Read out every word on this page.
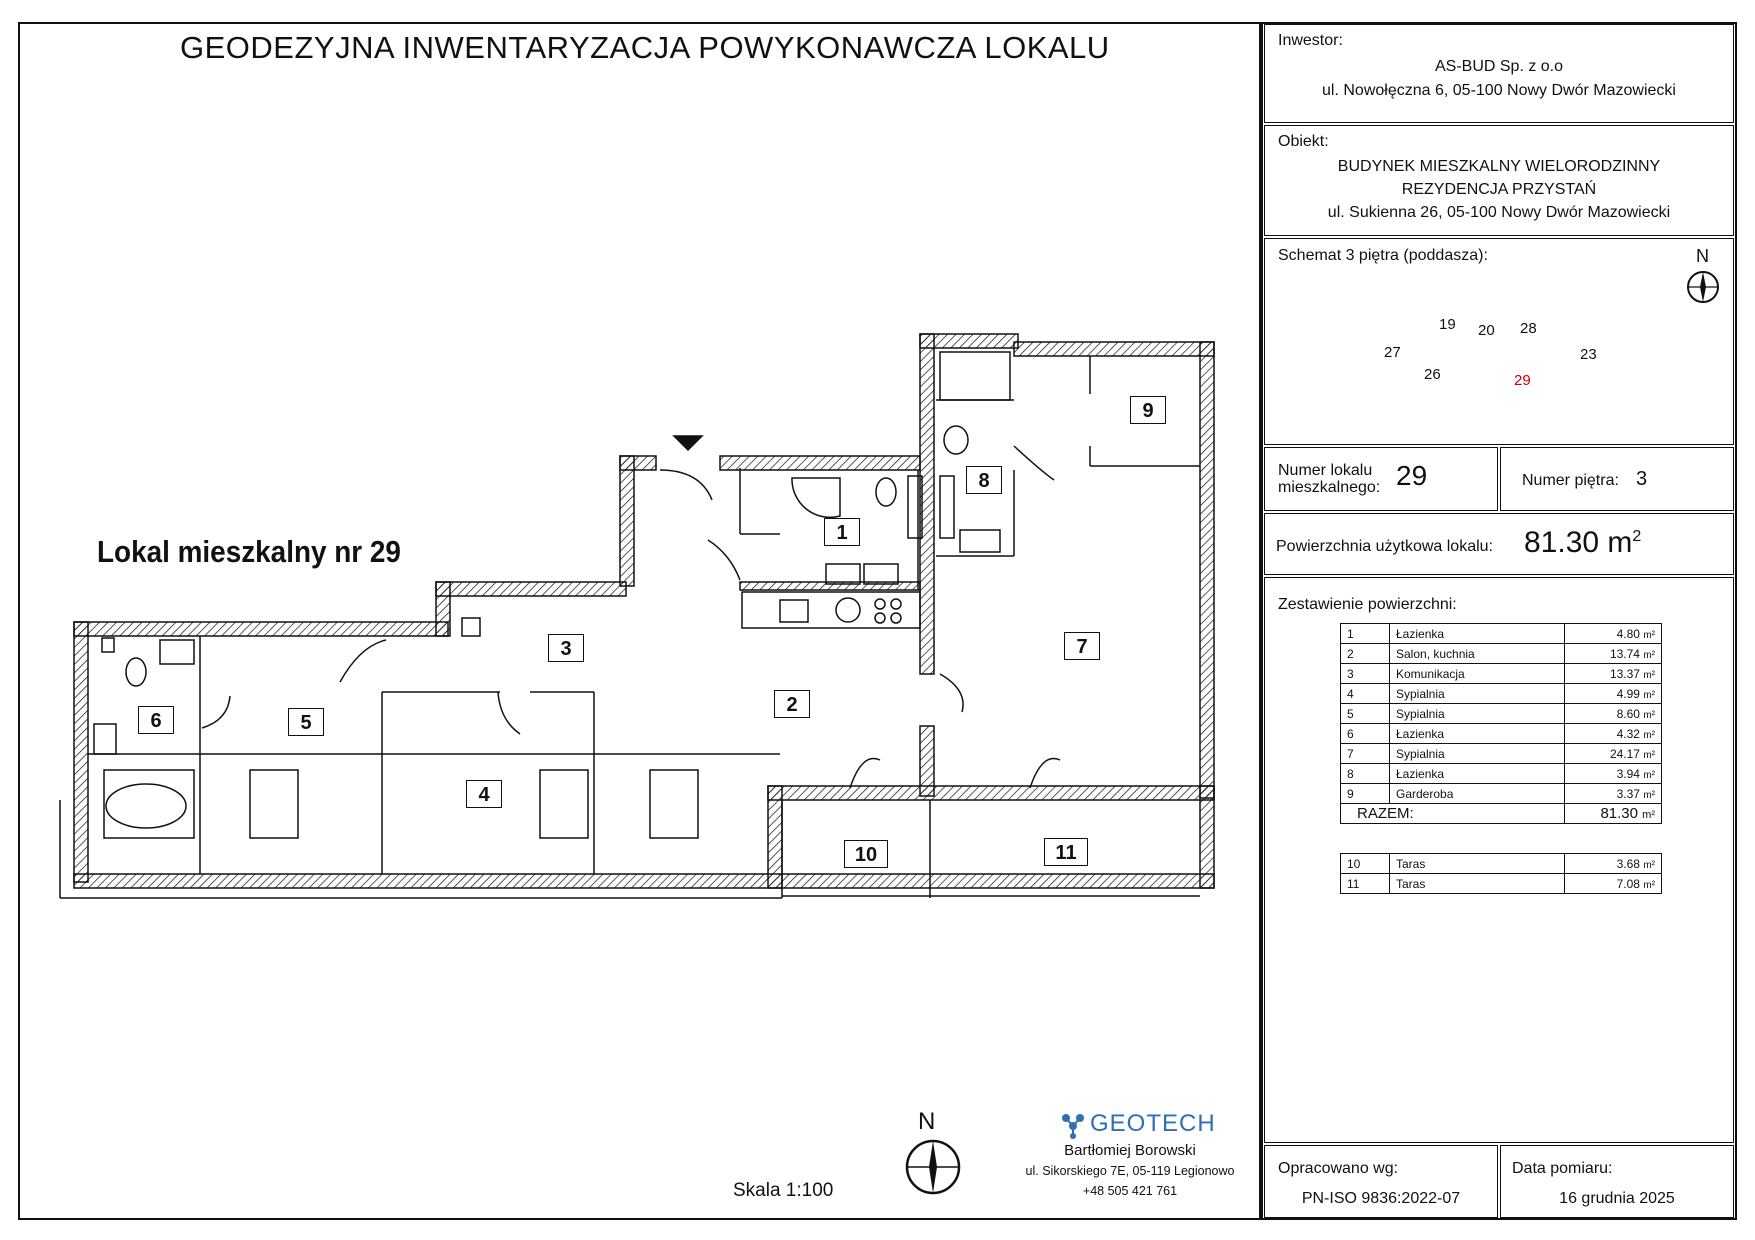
GEODEZYJNA INWENTARYZACJA POWYKONAWCZA LOKALU
Lokal mieszkalny nr 29
1
2
3
4
5
6
7
8
9
10	11
N
Skala 1:100
GEOTECH
Bartłomiej Borowski
ul. Sikorskiego 7E, 05-119 Legionowo
+48 505 421 761
Inwestor:
AS-BUD Sp. z o.o
ul. Nowołęczna 6, 05-100 Nowy Dwór Mazowiecki
Obiekt:
BUDYNEK MIESZKALNY WIELORODZINNY
REZYDENCJA PRZYSTAŃ
ul. Sukienna 26, 05-100 Nowy Dwór Mazowiecki
Schemat 3 piętra (poddasza):	N
19 20 28
27
26	29
23
Numer lokalu
mieszkalnego: 29	Numer piętra: 3
Powierzchnia użytkowa lokalu: 81.30 $m^2$
Zestawienie powierzchni:
1	Łazienka	4.80 m²
2	Salon, kuchnia	13.74 m²
3	Komunikacja	13.37 m²
4	Sypialnia	4.99 m²
5	Sypialnia	8.60 m²
6	Łazienka	4.32 m²
7	Sypialnia	24.17 m²
8	Łazienka	3.94 m²
9	Garderoba	3.37 m²
RAZEM:		81.30 m²
10	Taras	3.68 m²
11	Taras	7.08 m²
Opracowano wg:
PN-ISO 9836:2022-07
Data pomiaru:
16 grudnia 2025
